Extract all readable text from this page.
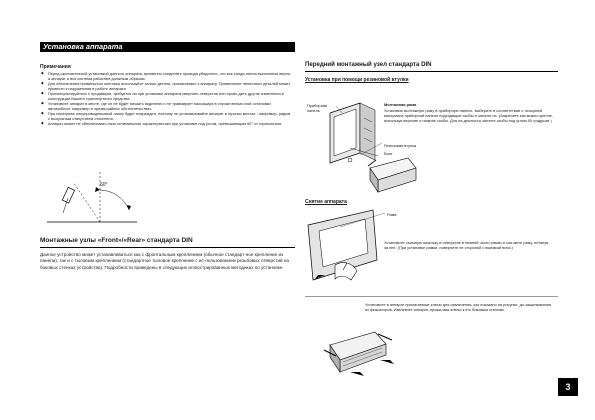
Установка аппарата
Примечания
◆ Перед окончательной установкой данного аппарата, временно соедините провода убедитесь, что все соеди-нения выполнены верно, а аппарат и вся система работают должным образом.
◆ Для обеспечения правильного монтажа используйте только детали, прилагаемые к аппарату. Применение неплотных деталей может привести к нарушениям в работе аппарата.
◆ Проконсультируйтесь с продавцом, требуется ли при установке аппарата сверлить отверстия или прово-дить другие изменения в конструкции Вашего транспортного средства.
◆ Установите аппарат в месте, где он не будет мешать водителю и не травмирует пассажира в случае внезап-ной остановки автомобиля, например в чрезвычайных обстоятельствах.
◆ При перегреве полупроводниковый лазер будет поврежден, поэтому не устанавливайте аппарат в горячих местах - например, рядом с выпускным отверстием отопителя.
◆ Аппарат может не обеспечивать свои оптимальные характеристики при установке под углом, превышающим 60° от горизонтали.
60°
Монтажные узлы «Front»/«Rear» стандарта DIN
Данное устройство может устанавливаться как с фронтальным креплением (обычное стандарт-ное крепление из панели), так и с тыловым креплением (стандартное тыловое крепление с ис-пользованием резьбовых отверстий на боковых стенках устройства). Подробности приведены в следующих иллюстрированных методиках по установке.
Передний монтажный узел стандарта DIN
Установка при помощи резиновой втулки
Приборная панель
Монтажная рама
Установив монтажную раму в приборную панель, выберите в соответствии с толщиной материала приборной панели подходящие скобы и загните их. (Закрепите как можно крепче, используя верхние и нижние скобы. Для на-дежности загните скобы под углом 90 градусов.)
Резиновая втулка
Винт
Снятие аппарата
Рама
Установите съемную шпильку в отверстие в нижней части рамки и сни-мите раму, потянув за нее. (При установке рамки, поверните ее стороной с выемкой вниз.)
Установите в аппарат прилагаемые ключи для извлечения, как показано на рисунке, до защелкивания их фиксаторов. Извлеките аппарат, прижи-мая ключи к его боковым стенкам.
3
